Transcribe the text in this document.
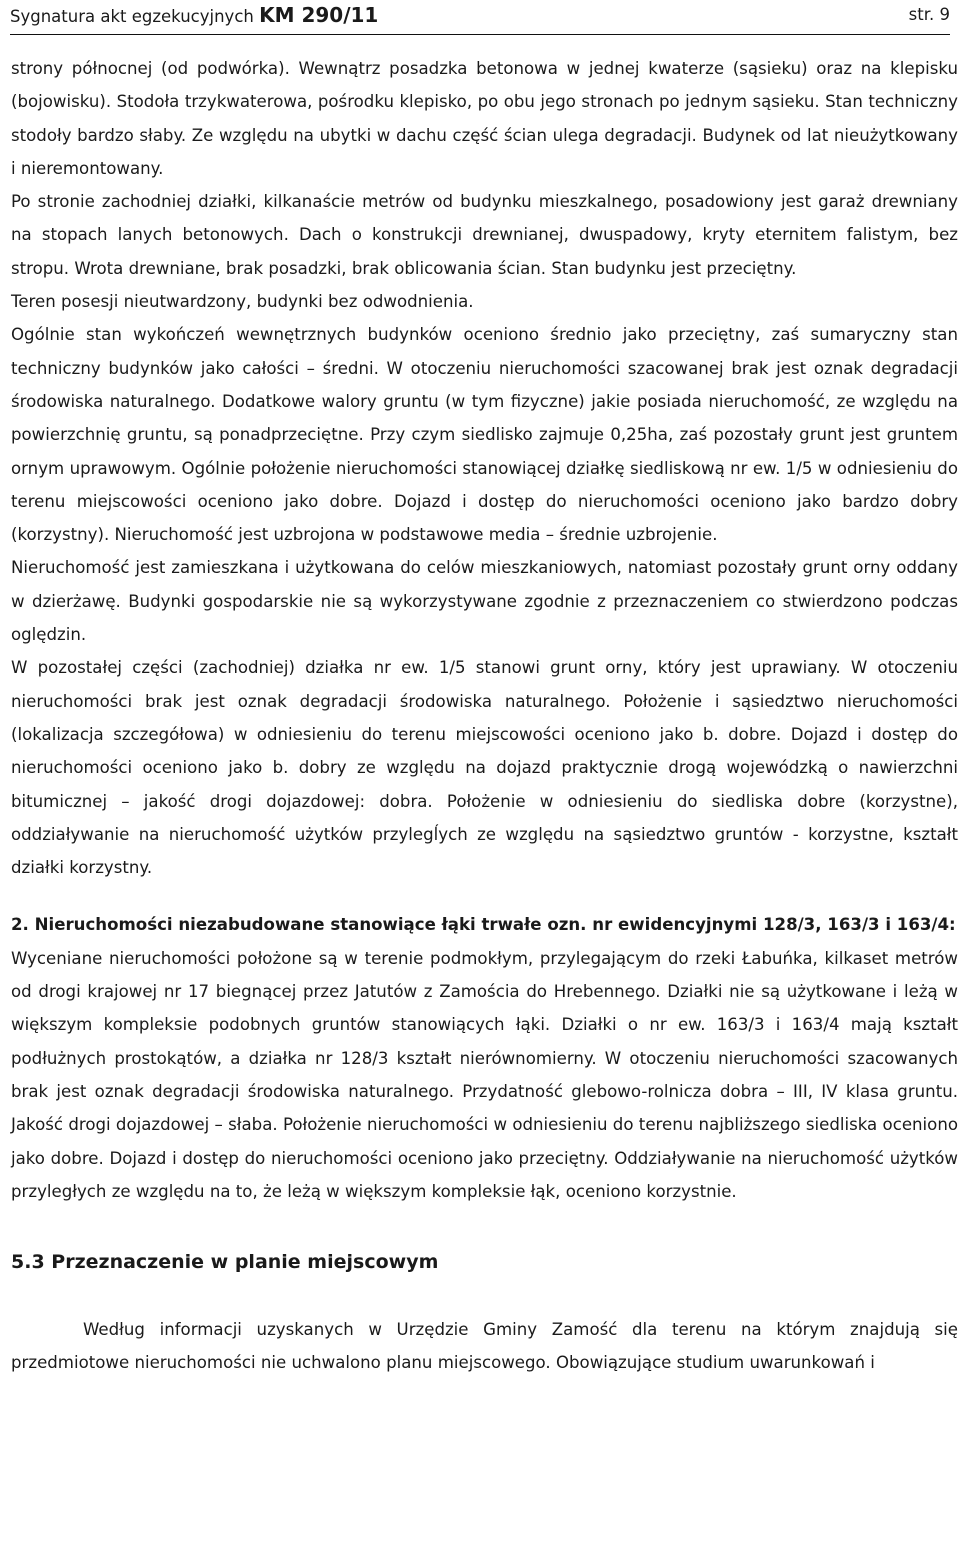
Sygnatura akt egzekucyjnych KM 290/11	str. 9

strony północnej (od podwórka). Wewnątrz posadzka betonowa w jednej kwaterze (sąsieku) oraz na klepisku (bojowisku). Stodoła trzykwaterowa, pośrodku klepisko, po obu jego stronach po jednym sąsieku. Stan techniczny stodoły bardzo słaby. Ze względu na ubytki w dachu część ścian ulega degradacji. Budynek od lat nieużytkowany i nieremontowany.

Po stronie zachodniej działki, kilkanaście metrów od budynku mieszkalnego, posadowiony jest garaż drewniany na stopach lanych betonowych. Dach o konstrukcji drewnianej, dwuspadowy, kryty eternitem falistym, bez stropu. Wrota drewniane, brak posadzki, brak oblicowania ścian. Stan budynku jest przeciętny.

Teren posesji nieutwardzony, budynki bez odwodnienia.

Ogólnie stan wykończeń wewnętrznych budynków oceniono średnio jako przeciętny, zaś sumaryczny stan techniczny budynków jako całości – średni. W otoczeniu nieruchomości szacowanej brak jest oznak degradacji środowiska naturalnego. Dodatkowe walory gruntu (w tym fizyczne) jakie posiada nieruchomość, ze względu na powierzchnię gruntu, są ponadprzeciętne. Przy czym siedlisko zajmuje 0,25ha, zaś pozostały grunt jest gruntem ornym uprawowym. Ogólnie położenie nieruchomości stanowiącej działkę siedliskową nr ew. 1/5 w odniesieniu do terenu miejscowości oceniono jako dobre. Dojazd i dostęp do nieruchomości oceniono jako bardzo dobry (korzystny). Nieruchomość jest uzbrojona w podstawowe media – średnie uzbrojenie.

Nieruchomość jest zamieszkana i użytkowana do celów mieszkaniowych, natomiast pozostały grunt orny oddany w dzierżawę. Budynki gospodarskie nie są wykorzystywane zgodnie z przeznaczeniem co stwierdzono podczas oględzin.

W pozostałej części (zachodniej) działka nr ew. 1/5 stanowi grunt orny, który jest uprawiany. W otoczeniu nieruchomości brak jest oznak degradacji środowiska naturalnego. Położenie i sąsiedztwo nieruchomości (lokalizacja szczegółowa) w odniesieniu do terenu miejscowości oceniono jako b. dobre. Dojazd i dostęp do nieruchomości oceniono jako b. dobry ze względu na dojazd praktycznie drogą wojewódzką o nawierzchni bitumicznej – jakość drogi dojazdowej: dobra. Położenie w odniesieniu do siedliska dobre (korzystne), oddziaływanie na nieruchomość użytków przylegĺych ze względu na sąsiedztwo gruntów - korzystne, kształt działki korzystny.

2. Nieruchomości niezabudowane stanowiące łąki trwałe ozn. nr ewidencyjnymi 128/3, 163/3 i 163/4:

Wyceniane nieruchomości położone są w terenie podmokłym, przylegającym do rzeki Łabuńka, kilkaset metrów od drogi krajowej nr 17 biegnącej przez Jatutów z Zamościa do Hrebennego. Działki nie są użytkowane i leżą w większym kompleksie podobnych gruntów stanowiących łąki. Działki o nr ew. 163/3 i 163/4 mają kształt podłużnych prostokątów, a działka nr 128/3 kształt nierównomierny. W otoczeniu nieruchomości szacowanych brak jest oznak degradacji środowiska naturalnego. Przydatność glebowo-rolnicza dobra – III, IV klasa gruntu. Jakość drogi dojazdowej – słaba. Położenie nieruchomości w odniesieniu do terenu najbliższego siedliska oceniono jako dobre. Dojazd i dostęp do nieruchomości oceniono jako przeciętny. Oddziaływanie na nieruchomość użytków przyległych ze względu na to, że leżą w większym kompleksie łąk, oceniono korzystnie.

5.3 Przeznaczenie w planie miejscowym

Według informacji uzyskanych w Urzędzie Gminy Zamość dla terenu na którym znajdują się przedmiotowe nieruchomości nie uchwalono planu miejscowego. Obowiązujące studium uwarunkowań i
